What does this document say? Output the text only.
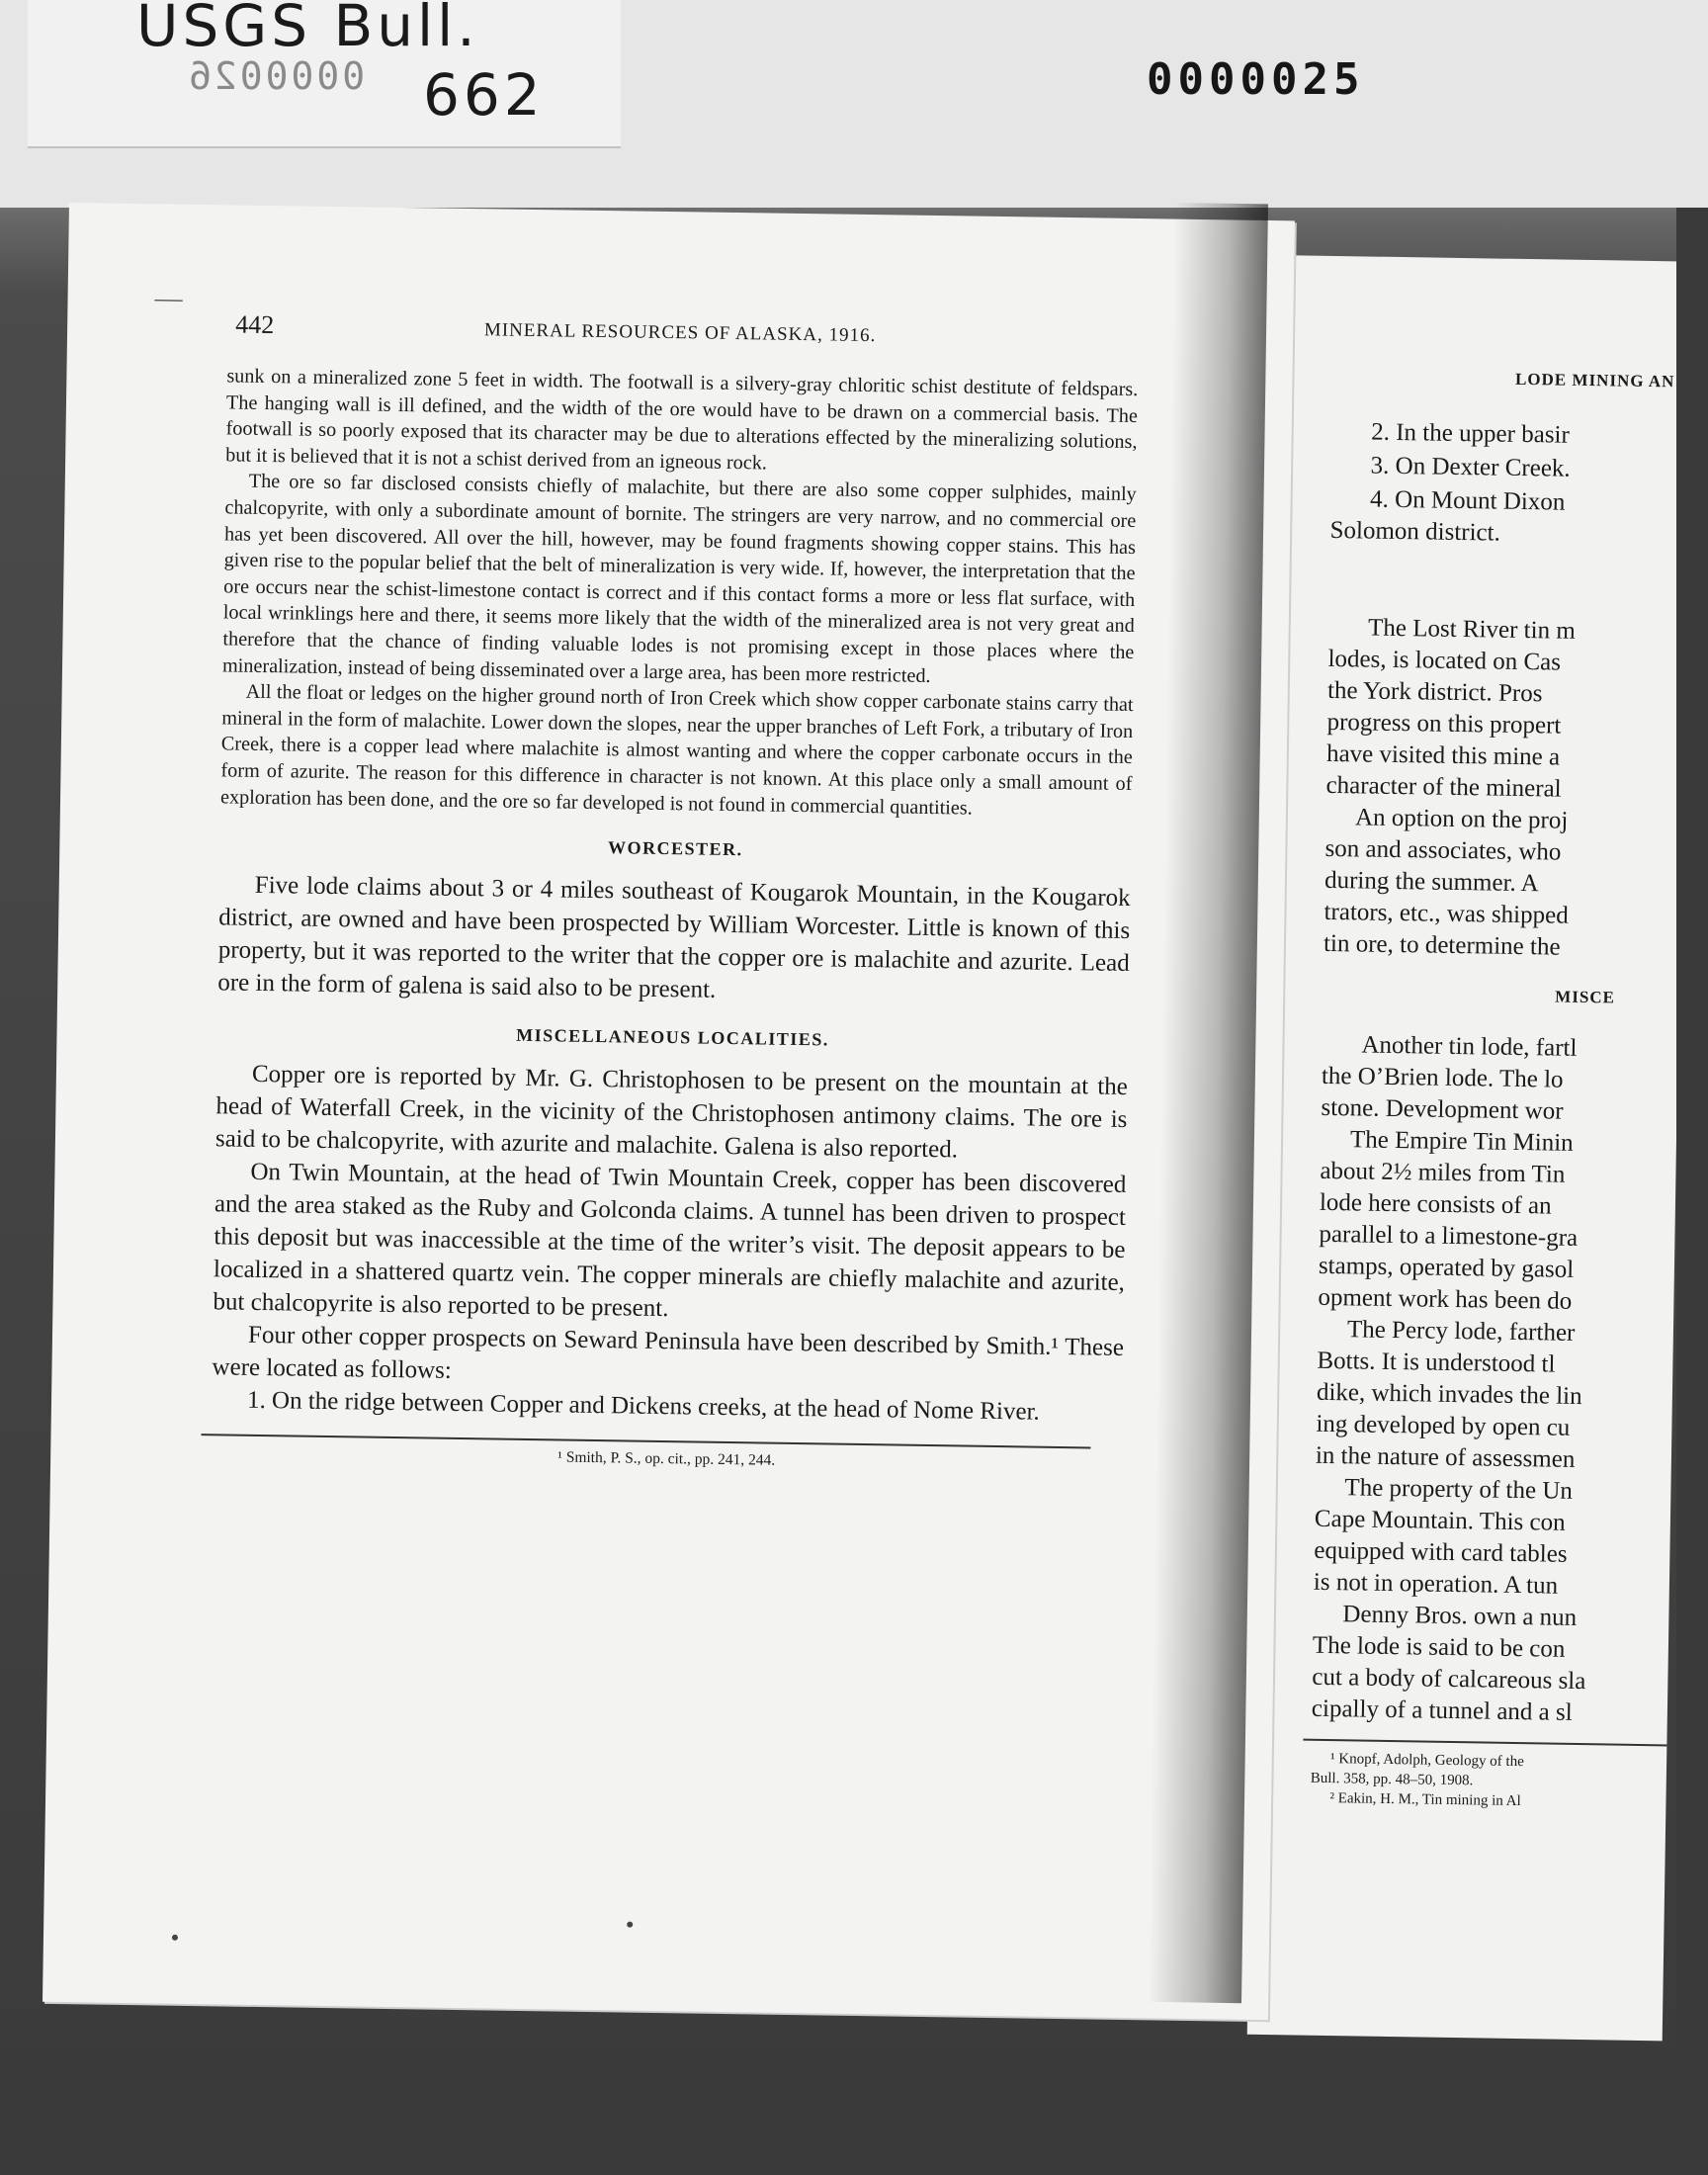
USGS Bull.
0000026 662	0000025
LODE MINING AN
2. In the upper basir
3. On Dexter Creek.
4. On Mount Dixon
Solomon district.
The Lost River tin m
lodes, is located on Cas
the York district. Pros
progress on this propert
have visited this mine a
character of the mineral
An option on the proj
son and associates, who
during the summer. A
trators, etc., was shipped
tin ore, to determine the
MISCE
Another tin lode, fartl
the O’Brien lode. The lo
stone. Development wor
The Empire Tin Minin
about 2½ miles from Tin
lode here consists of an
parallel to a limestone-gra
stamps, operated by gasol
opment work has been do
The Percy lode, farther
Botts. It is understood tl
dike, which invades the lin
ing developed by open cu
in the nature of assessmen
The property of the Un
Cape Mountain. This con
equipped with card tables
is not in operation. A tun
Denny Bros. own a nun
The lode is said to be con
cut a body of calcareous sla
cipally of a tunnel and a sl
¹ Knopf, Adolph, Geology of the
Bull. 358, pp. 48–50, 1908.
² Eakin, H. M., Tin mining in Al
—
442	MINERAL RESOURCES OF ALASKA, 1916.

sunk on a mineralized zone 5 feet in width. The footwall is a silvery-gray chloritic schist destitute of feldspars. The hanging wall is ill defined, and the width of the ore would have to be drawn on a commercial basis. The footwall is so poorly exposed that its character may be due to alterations effected by the mineralizing solutions, but it is believed that it is not a schist derived from an igneous rock.

The ore so far disclosed consists chiefly of malachite, but there are also some copper sulphides, mainly chalcopyrite, with only a subordinate amount of bornite. The stringers are very narrow, and no commercial ore has yet been discovered. All over the hill, however, may be found fragments showing copper stains. This has given rise to the popular belief that the belt of mineralization is very wide. If, however, the interpretation that the ore occurs near the schist-limestone contact is correct and if this contact forms a more or less flat surface, with local wrinklings here and there, it seems more likely that the width of the mineralized area is not very great and therefore that the chance of finding valuable lodes is not promising except in those places where the mineralization, instead of being disseminated over a large area, has been more restricted.

All the float or ledges on the higher ground north of Iron Creek which show copper carbonate stains carry that mineral in the form of malachite. Lower down the slopes, near the upper branches of Left Fork, a tributary of Iron Creek, there is a copper lead where malachite is almost wanting and where the copper carbonate occurs in the form of azurite. The reason for this difference in character is not known. At this place only a small amount of exploration has been done, and the ore so far developed is not found in commercial quantities.

WORCESTER.

Five lode claims about 3 or 4 miles southeast of Kougarok Mountain, in the Kougarok district, are owned and have been prospected by William Worcester. Little is known of this property, but it was reported to the writer that the copper ore is malachite and azurite. Lead ore in the form of galena is said also to be present.

MISCELLANEOUS LOCALITIES.

Copper ore is reported by Mr. G. Christophosen to be present on the mountain at the head of Waterfall Creek, in the vicinity of the Christophosen antimony claims. The ore is said to be chalcopyrite, with azurite and malachite. Galena is also reported.

On Twin Mountain, at the head of Twin Mountain Creek, copper has been discovered and the area staked as the Ruby and Golconda claims. A tunnel has been driven to prospect this deposit but was inaccessible at the time of the writer’s visit. The deposit appears to be localized in a shattered quartz vein. The copper minerals are chiefly malachite and azurite, but chalcopyrite is also reported to be present.

Four other copper prospects on Seward Peninsula have been described by Smith.¹ These were located as follows:

1. On the ridge between Copper and Dickens creeks, at the head of Nome River.

¹ Smith, P. S., op. cit., pp. 241, 244.
